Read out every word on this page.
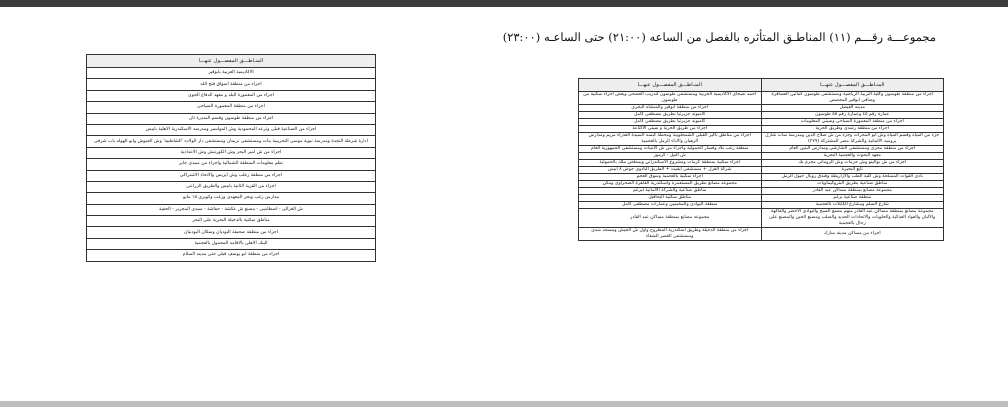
مجموعـــة رقـــم (١١) المناطـق المتأثره بالفصل من الساعه (٢١:٠٠) حتى الساعـه (٢٣:٠٠)
المنـاطـــق المفصـــول عنهـــا
الاكاديمية العربية بابوقير
اجزاء من منطقة اسواق فتح الله
اجزاء من المعمورة البلد و معهد الدفاع الجوى
اجزاء من منطقة المعمورة السياحى
اجزاء من منطقة طوسون وقسم المندرة ثان
اجزاء من الصناعية قبلى وترعه المحمودية وش المواسير ومدرسه الاسكندرية الاهلية بابيس
ادارة شرطة النجدة ومدرسة نبوية موسى التجريبية بنات ومستشفى نريمان ومستشفى دار الولاده 'الشاطبية' وش الجيوش وابو الهوله باب شرقى
اجزاء من ش امير البحر وش الكورنيش وش الاعدادية
نظم معلومات المنطقة الشمالية واجزاء من سيدى جابر
اجزاء من منطقة زغلب وش ايزيس والاتحاد الاشتراكى
اجزاء من القرية الثانية بابيس والطريق الزراعى
مدارس زغب وبحر المعهدى وزغب وكوبرى ١٥ مايو
ش الغزالى - اسطامبى - مصنع ش عكشة - حفاشة - سيدى المجزير - الحفية
مناطق سكنية بالدخيلة البحرية على البحر
اجزاء من منطقة صحيفة البوديان وسكان البودنيان
البنك الاهلى بالاقامه المحمول بالعجمية
اجزاء من منطقة ابو يوسف قبلى حتى مدينه السلام
المنـاطـــق المفصـــول عنهـــا	المنـاطـــق المفصـــول عنهـــا
اجزاء من منطقة طوسون وكلية التربية الرياضية ومستشفى طوسون كماتين العصافرة وصافى ابوقير المخصص	احمد نصحاى الاكاديمية الحربية ومستشفى طوسون لتدريب العصحى وبعض اجزاء سكنية من طوسون
مدينه الفيصل	اجزاء من منطقة ابوقير والمنشأه البحرى
عمارة رقم ٤٥ وعمارة رقم ٥٥ طوسون	كامبوند جزيرتيا بطريق مصطفى كامل
اجزاء من منطقة المعمورة السياحى وسيتي المعلومات	كامبوند جزيرتيا بطريق مصطفى كامل
اجزاء من منطقة رشدى وطريق الحرية	اجزاء من طريق الحرية و سيتى الاكتاعة
جزء من المياه وقسم المياه وش ابو المحرات وجزء من ش صلاح الدين ومدرسة سات شارل بروميه الالمانية والشركة مصر المشتركة (٢٧٩)	اجزاء من مناطق باكير القبلى الشمحلوبية ومحطة كبسه السيدة العذراء مريم ومدارس الرهبان والاداء الرمل بالعجمية
اجزاء من منطقة محرى ومستشفى الشارشى ومدارس البنين العام	منطقة زغب بلاد وقسار الحمولية واجزاء من ش الابنيات ومستشفى الجمهورية العام
معهد البحوث والعجمية البحرية	ش النيل - كرموز
اجزاء من ش بوالينو وش حرمات وش الرومانى محرم بك	اجزاء سكنية بمنطقة كرمات ومشروع الاسكندراني وبمطحن ملك بالحمولية
تابع البحيرة	شركة الغزل + مستشفى ايقيت + الطريق البادوى حوض ٨ ابيس
نادى القوات المسلحة وش كلية الطب والازاريطة وفندق رويال حيول الرمل	اجزاء سكنية بالعجمية وسوق العجم
مناطق صناعية بطريق البتروكيماويات	مجموعه مصانع بطريق المستعمرة واسكندرية القاهرة الصحراوى ومكن
مجموعة مصانع بمنطقة مساكن عبد القادر	مناطق صناعية والشركة الالمانية لبرغم
منطقة صناعية برغم	مناطق سكنية البحافيل
شارع السلم ومشارع الكابلات بالعجمية	منطقة البوادى والمخيمين وعمارات مصطفى كامل
مجموعة مصانع بمنطقة مساكن عبد القادر منهم مصنع الصبح والبوادى الاخضر والفاكهة والالبان والعواد الغذائية والحلويات والاتحادات الحديد والصلب ومصنع الحين والمصنع على زحال بالعجمية	مجموعه مصانع بمنطقة مساكن عبد القادر
اجزاء من مساكن مدينه مبارك	اجزاء من منطقة الدخيلة وطريق اسكندرية المطروح واول ش الجيش ومسجد مندى ومستشفى القصر الشفاء
